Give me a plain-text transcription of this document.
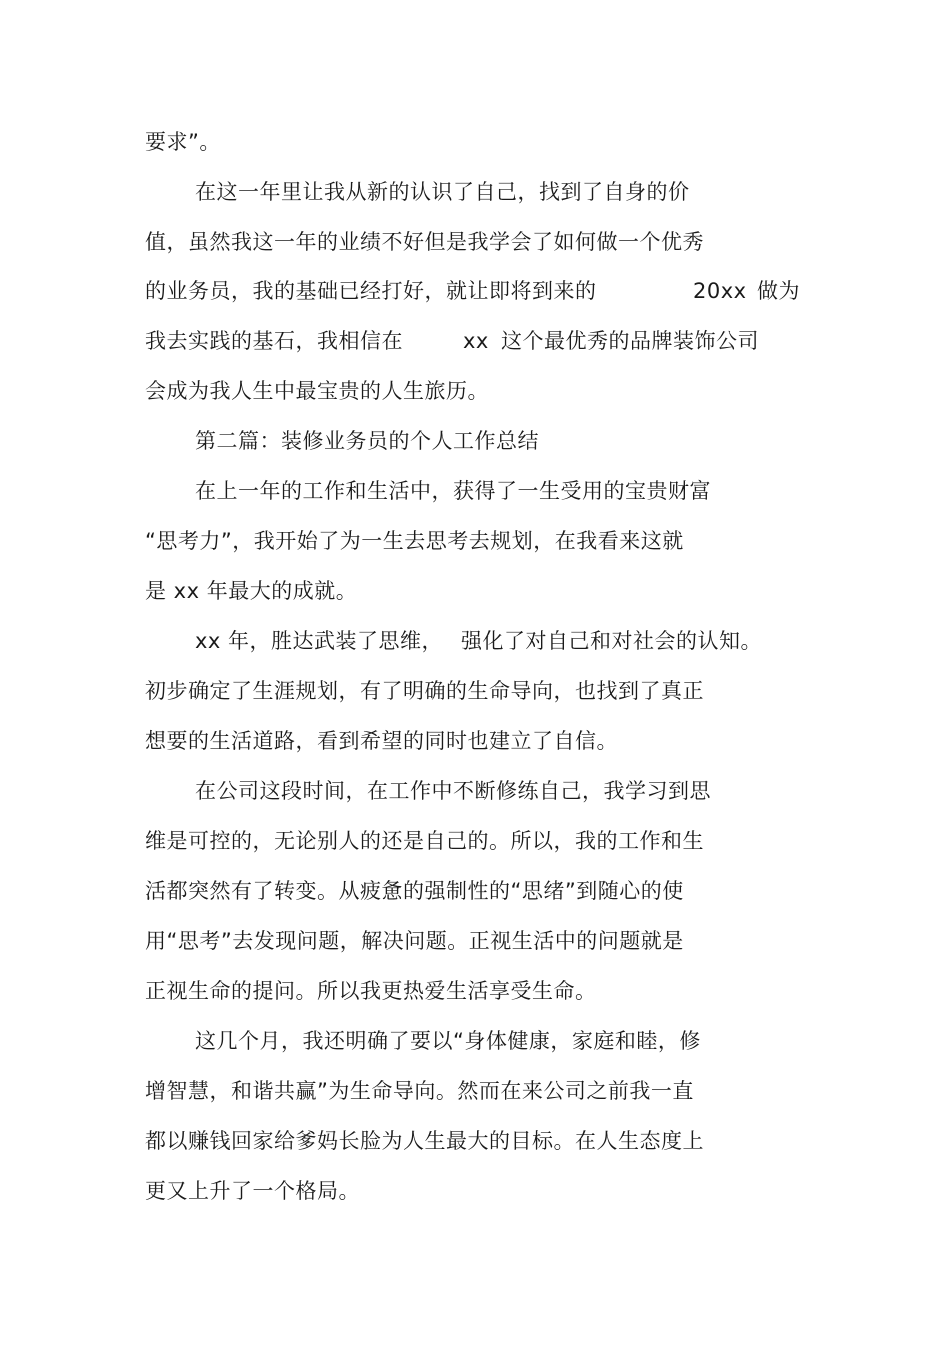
要求”。
在这一年里让我从新的认识了自己，找到了自身的价
值，虽然我这一年的业绩不好但是我学会了如何做一个优秀

的业务员，我的基础已经打好，就让即将到来的

	20xx

做为

我去实践的基石，我相信在

	xx

这个最优秀的品牌装饰公司

会成为我人生中最宝贵的人生旅历。
第二篇：装修业务员的个人工作总结
在上一年的工作和生活中，获得了一生受用的宝贵财富
“思考力”，我开始了为一生去思考去规划，在我看来这就
是 xx 年最大的成就。

xx 年，胜达武装了思维，

强化了对自己和对社会的认知。

初步确定了生涯规划，有了明确的生命导向，也找到了真正
想要的生活道路，看到希望的同时也建立了自信。
在公司这段时间，在工作中不断修练自己，我学习到思
维是可控的，无论别人的还是自己的。所以，我的工作和生
活都突然有了转变。从疲惫的强制性的“思绪”到随心的使
用“思考”去发现问题，解决问题。正视生活中的问题就是
正视生命的提问。所以我更热爱生活享受生命。
这几个月，我还明确了要以“身体健康，家庭和睦，修
增智慧，和谐共赢”为生命导向。然而在来公司之前我一直
都以赚钱回家给爹妈长脸为人生最大的目标。在人生态度上
更又上升了一个格局。
